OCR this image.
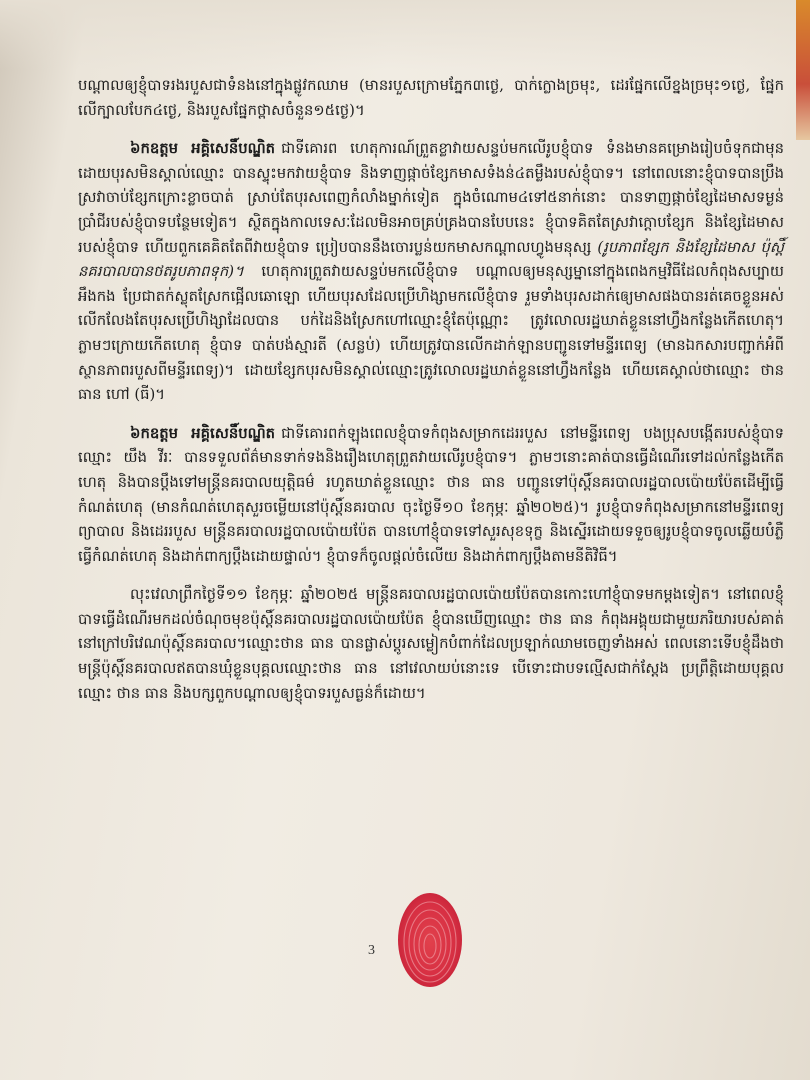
បណ្តាលឲ្យខ្ញុំបាទរងរបួសជាទំនងនៅក្នុងផ្លូវកឈាម (មានរបួសក្រោមភ្នែក៣ថ្ងេ, បាក់ក្លោងច្រមុះ, ដេរផ្នែកលើខ្នងច្រមុះ១ថ្ងេ, ផ្នែកលើក្បាលបែក៤ថ្ងេ, និងរបួសផ្នែកថ្ពាសចំនួន១៥ថ្ងេ)។

៦កឧត្តម អគ្គិសេនិ៍បណ្ឌិត ជាទីគោរព ហេតុការណ៍ព្រួតខ្លាវាយសន្ទប់មកលើរូបខ្ញុំបាទ ទំនងមានគម្រោងរៀបចំទុកជាមុន ដោយបុរសមិនស្គាល់ឈ្មោះ បានស្ទុះមកវាយខ្ញុំបាទ និងទាញផ្កាច់ខ្សែកមាសទំងន់៤តម្លឹងរបស់ខ្ញុំបាទ។ នៅពេលនោះខ្ញុំបាទបានប្រឹងស្រវាចាប់ខ្សែកក្រោះខ្លាចបាត់ ស្រាប់តែបុរសពេញកំលាំងម្នាក់ទៀត ក្នុងចំណោម៤ទៅ៥នាក់នោះ បានទាញផ្កាច់ខ្សែដៃមាសទម្ងន់ប្រាំជីរបស់ខ្ញុំបាទបន្ថែមទៀត។ ស្ថិតក្នុងកាលទេសៈដែលមិនអាចគ្រប់គ្រងបានបែបនេះ ខ្ញុំបាទគិតតែស្រវាក្តោបខ្សែក និងខ្សែដៃមាសរបស់ខ្ញុំបាទ ហើយពួកគេគិតតែពីវាយខ្ញុំបាទ ប្រៀបបាននឹងចោរប្លន់យកមាសកណ្តាលហ្វូងមនុស្ស (រូបភាពខ្សែក និងខ្សែដៃមាស ប៉ុស្តិ៍នគរបាលបានថតរូបភាពទុក)។ ហេតុការព្រួតវាយសន្ទប់មកលើខ្ញុំបាទ បណ្តាលឲ្យមនុស្សម្នានៅក្នុងពេងកម្មវិធីដែលកំពុងសប្បាយអឹងកង ប្រែជាតក់ស្លុតស្រែកផ្អើលឆោឡោ ហើយបុរសដែលប្រើហិង្សាមកលើខ្ញុំបាទ រួមទាំងបុរសដាក់ឲ្យេមាសផងបានរត់គេចខ្លួនអស់ លើកលែងតែបុរសប្រើហិង្សាដែលបាន បក់ដៃនិងស្រែកហៅឈ្មោះខ្ញុំតែប៉ុណ្ណោះ ត្រូវលោលរដ្ឋឃាត់ខ្លួននៅហ្វឹងកន្លែងកើតហេតុ។ ភ្លាមៗក្រោយកើតហេតុ ខ្ញុំបាទ បាត់បង់ស្មារតី (សន្លប់) ហើយត្រូវបានលើកដាក់ឡានបញ្ជូនទៅមន្ទីរពេទ្យ (មានឯកសារបញ្ជាក់អំពីស្ថានភាពរបួសពីមន្ទីរពេទ្យ)។ ដោយខ្សែកបុរសមិនស្គាល់ឈ្មោះត្រូវលោលរដ្ឋឃាត់ខ្លួននៅហ្វឹងកន្លែង ហើយគេស្គាល់ថាឈ្មោះ ថាន ធាន ហៅ (ធី)។

៦កឧត្តម អគ្គិសេនិ៍បណ្ឌិត ជាទីគោរពក់ឡុងពេលខ្ញុំបាទកំពុងសម្រាកដេររបួស នៅមន្ទីរពេទ្យ បងប្រុសបង្កើតរបស់ខ្ញុំបាទឈ្មោះ យឹង វីរៈ បានទទួលព័ត៌មានទាក់ទងនិងរឿងហេតុព្រួតវាយលើរូបខ្ញុំបាទ។ ភ្លាមៗនោះគាត់បានធ្វើដំណើរទៅដល់កន្លែងកើតហេតុ និងបានប្តឹងទៅមន្ត្រីនគរបាលយុត្តិធម៌ រហូតឃាត់ខ្លួនឈ្មោះ ថាន ធាន បញ្ជូនទៅប៉ុស្តិ៍នគរបាលរដ្ឋបាលប៉ោយប៉ែតដើម្បីធ្វើកំណត់ហេតុ (មានកំណត់ហេតុសួរចម្លើយនៅប៉ុស្តិ៍នគរបាល ចុះថ្ងៃទី១០ ខែកុម្ភៈ ឆ្នាំ២០២៥)។ រូបខ្ញុំបាទកំពុងសម្រាកនៅមន្ទីរពេទ្យព្យាបាល និងដេររបួស មន្ត្រីនគរបាលរដ្ឋបាលប៉ោយប៉ែត បានហៅខ្ញុំបាទទៅសួរសុខទុក្ខ និងស្នើរដោយទទួចឲ្យរូបខ្ញុំបាទចូលឆ្លើយបំភ្លឺធ្វើកំណត់ហេតុ និងដាក់ពាក្យប្តឹងដោយផ្ទាល់។ ខ្ញុំបាទក៏ចូលផ្តល់ចំលើយ និងដាក់ពាក្យប្តឹងតាមនីតិវិធី។

លុះវេលាព្រឹកថ្ងៃទី១១ ខែកុម្ភៈ ឆ្នាំ២០២៥ មន្ត្រីនគរបាលរដ្ឋបាលប៉ោយប៉ែតបានកោះហៅខ្ញុំបាទមកម្តងទៀត។ នៅពេលខ្ញុំបាទធ្វើដំណើរមកដល់ចំណុចមុខប៉ុស្តិ៍នគរបាលរដ្ឋបាលប៉ោយប៉ែត ខ្ញុំបានឃើញឈ្មោះ ថាន ធាន កំពុងអង្គុយជាមួយភរិយារបស់គាត់នៅក្រៅបរិវេណប៉ុស្តិ៍នគរបាល។ឈ្មោះថាន ធាន បានផ្លាស់ប្តូរសម្លៀកបំពាក់ដែលប្រឡាក់ឈាមចេញទាំងអស់ ពេលនោះទើបខ្ញុំដឹងថា មន្ត្រីប៉ុស្តិ៍នគរបាលឥតបានឃុំខ្លួនបុគ្គលឈ្មោះថាន ធាន នៅវេលាយប់នោះទេ បើទោះជាបទល្មើសជាក់ស្តែង ប្រព្រឹត្តិដោយបុគ្គលឈ្មោះ ថាន ធាន និងបក្សពួកបណ្តាលឲ្យខ្ញុំបាទរបួសធ្ងន់ក៏ដោយ។

3
